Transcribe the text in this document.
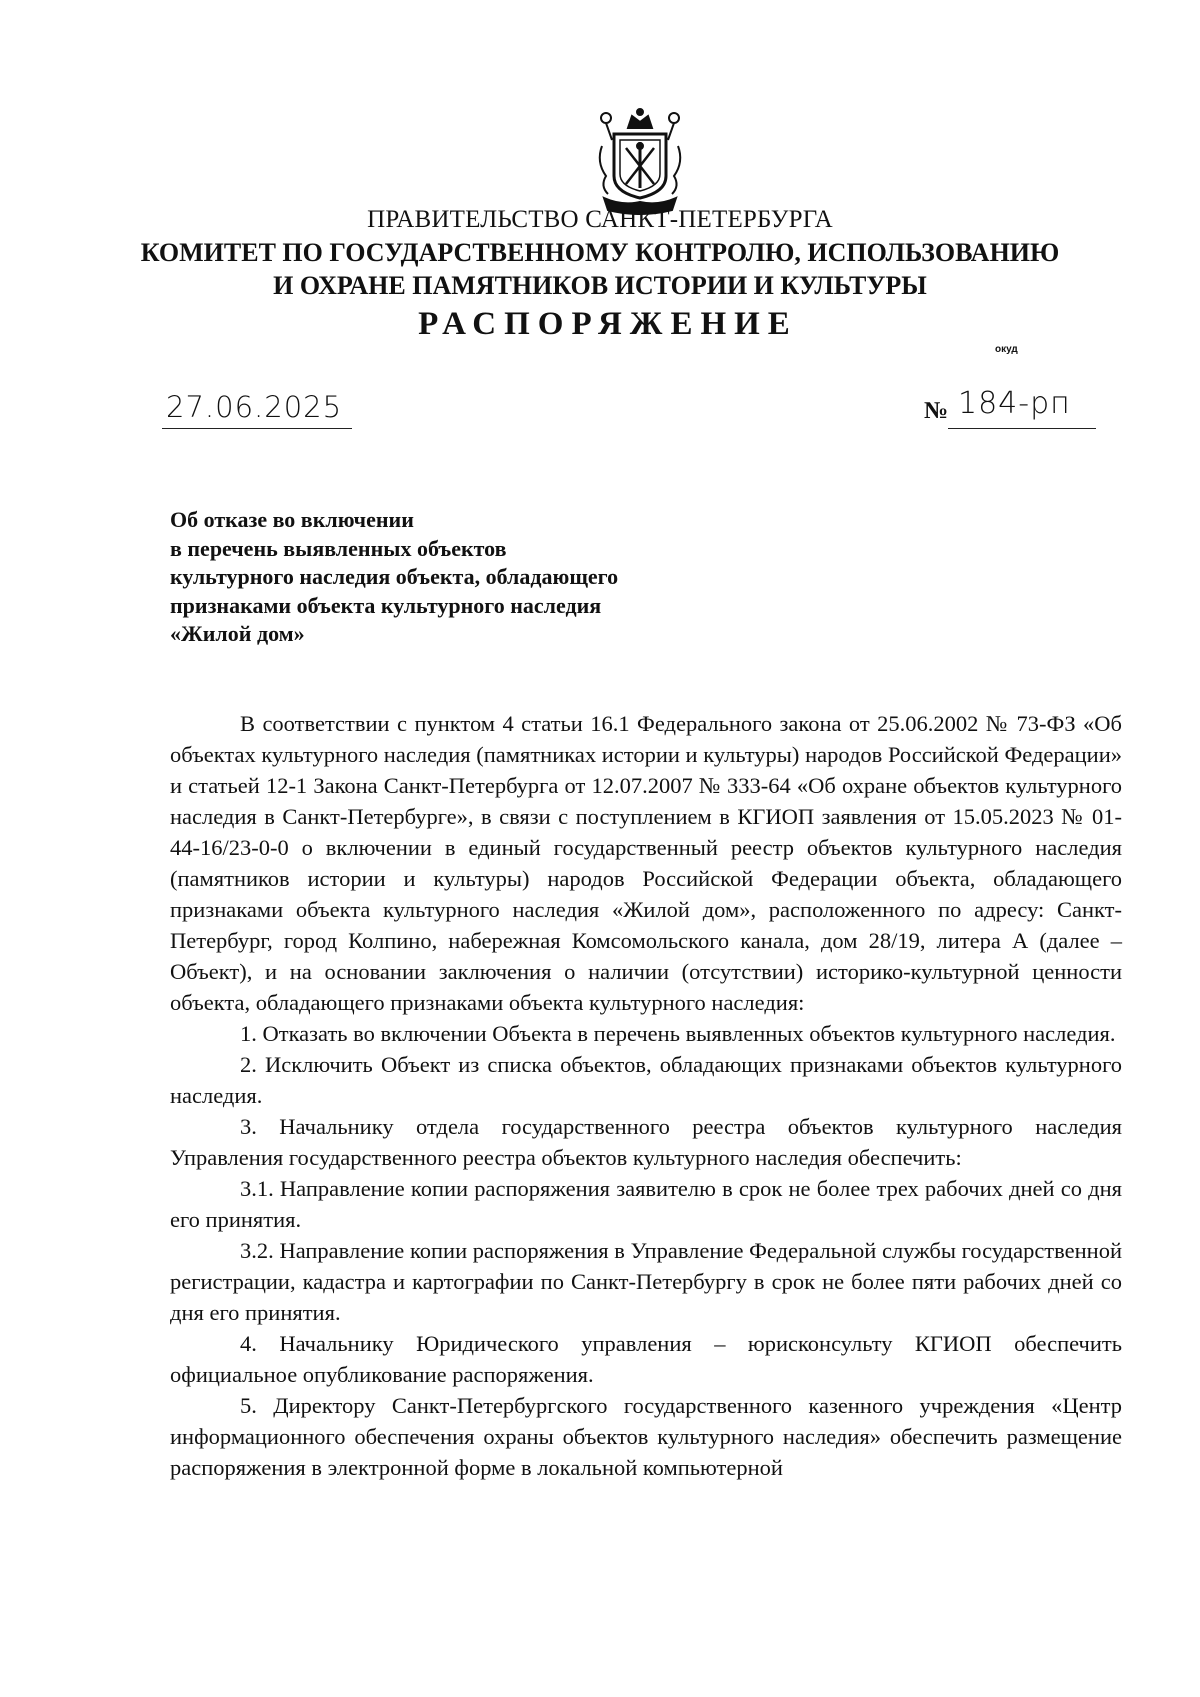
ПРАВИТЕЛЬСТВО САНКТ-ПЕТЕРБУРГА
КОМИТЕТ ПО ГОСУДАРСТВЕННОМУ КОНТРОЛЮ, ИСПОЛЬЗОВАНИЮ
И ОХРАНЕ ПАМЯТНИКОВ ИСТОРИИ И КУЛЬТУРЫ
РАСПОРЯЖЕНИЕ
окуд
27.06.2025	№ 184-рп
Об отказе во включении
в перечень выявленных объектов
культурного наследия объекта, обладающего
признаками объекта культурного наследия
«Жилой дом»

В соответствии с пунктом 4 статьи 16.1 Федерального закона от 25.06.2002 № 73-ФЗ «Об объектах культурного наследия (памятниках истории и культуры) народов Российской Федерации» и статьей 12-1 Закона Санкт-Петербурга от 12.07.2007 № 333-64 «Об охране объектов культурного наследия в Санкт-Петербурге», в связи с поступлением в КГИОП заявления от 15.05.2023 № 01-44-16/23-0-0 о включении в единый государственный реестр объектов культурного наследия (памятников истории и культуры) народов Российской Федерации объекта, обладающего признаками объекта культурного наследия «Жилой дом», расположенного по адресу: Санкт-Петербург, город Колпино, набережная Комсомольского канала, дом 28/19, литера А (далее – Объект), и на основании заключения о наличии (отсутствии) историко-культурной ценности объекта, обладающего признаками объекта культурного наследия:

1. Отказать во включении Объекта в перечень выявленных объектов культурного наследия.

2. Исключить Объект из списка объектов, обладающих признаками объектов культурного наследия.

3. Начальнику отдела государственного реестра объектов культурного наследия Управления государственного реестра объектов культурного наследия обеспечить:

3.1. Направление копии распоряжения заявителю в срок не более трех рабочих дней со дня его принятия.

3.2. Направление копии распоряжения в Управление Федеральной службы государственной регистрации, кадастра и картографии по Санкт-Петербургу в срок не более пяти рабочих дней со дня его принятия.

4. Начальнику Юридического управления – юрисконсульту КГИОП обеспечить официальное опубликование распоряжения.

5. Директору Санкт-Петербургского государственного казенного учреждения «Центр информационного обеспечения охраны объектов культурного наследия» обеспечить размещение распоряжения в электронной форме в локальной компьютерной
